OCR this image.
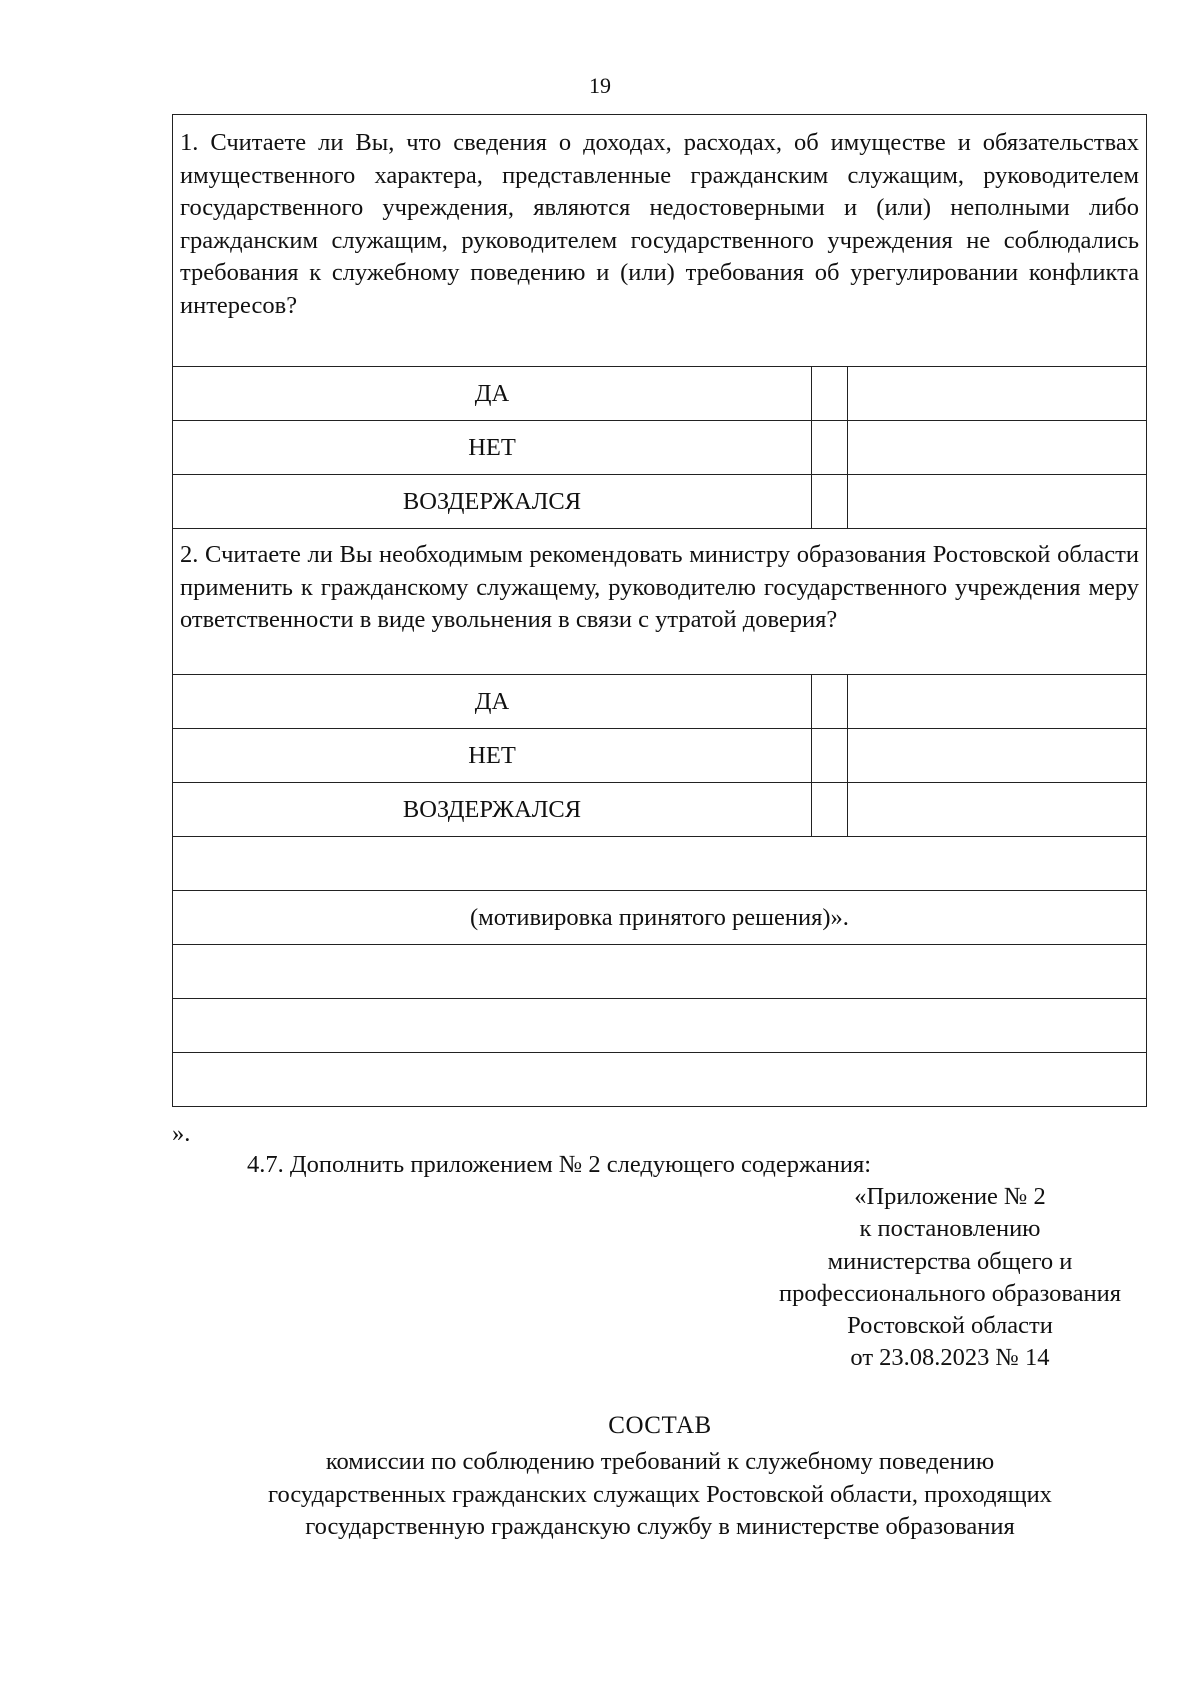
19
1. Считаете ли Вы, что сведения о доходах, расходах, об имуществе и обязательствах имущественного характера, представленные гражданским служащим, руководителем государственного учреждения, являются недостоверными и (или) неполными либо гражданским служащим, руководителем государственного учреждения не соблюдались требования к служебному поведению и (или) требования об урегулировании конфликта интересов?
ДА
НЕТ
ВОЗДЕРЖАЛСЯ
2. Считаете ли Вы необходимым рекомендовать министру образования Ростовской области применить к гражданскому служащему, руководителю государственного учреждения меру ответственности в виде увольнения в связи с утратой доверия?
ДА
НЕТ
ВОЗДЕРЖАЛСЯ
(мотивировка принятого решения)».
».
4.7. Дополнить приложением № 2 следующего содержания:
«Приложение № 2
к постановлению
министерства общего и
профессионального образования
Ростовской области
от 23.08.2023 № 14
СОСТАВ
комиссии по соблюдению требований к служебному поведению
государственных гражданских служащих Ростовской области, проходящих
государственную гражданскую службу в министерстве образования
